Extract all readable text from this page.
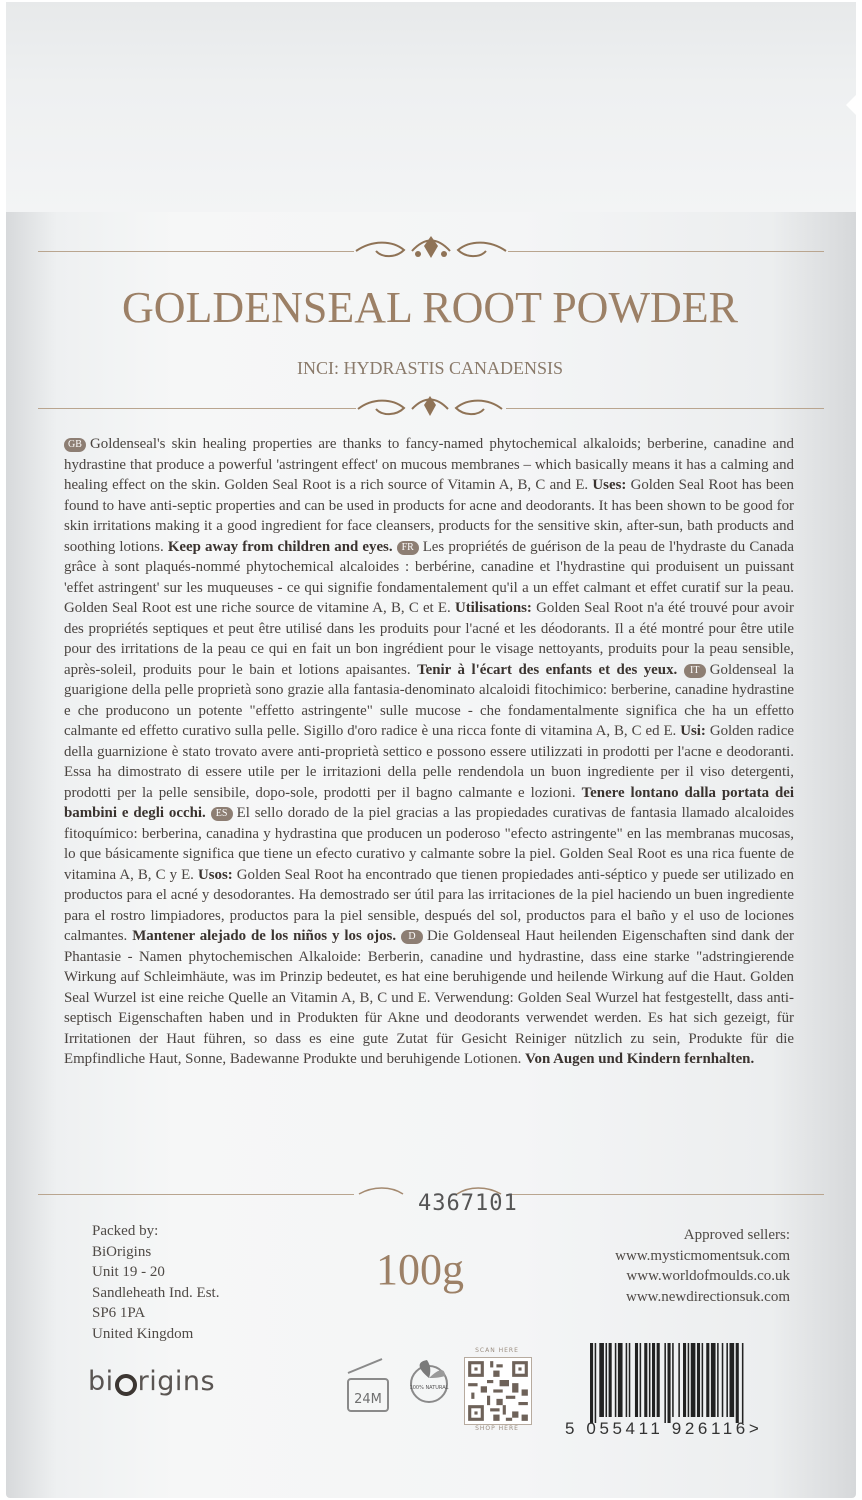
GOLDENSEAL ROOT POWDER
INCI: HYDRASTIS CANADENSIS
GB Goldenseal's skin healing properties are thanks to fancy-named phytochemical alkaloids; berberine, canadine and hydrastine that produce a powerful 'astringent effect' on mucous membranes – which basically means it has a calming and healing effect on the skin. Golden Seal Root is a rich source of Vitamin A, B, C and E. Uses: Golden Seal Root has been found to have anti-septic properties and can be used in products for acne and deodorants. It has been shown to be good for skin irritations making it a good ingredient for face cleansers, products for the sensitive skin, after-sun, bath products and soothing lotions. Keep away from children and eyes. FR Les propriétés de guérison de la peau de l'hydraste du Canada grâce à sont plaqués-nommé phytochemical alcaloides : berbérine, canadine et l'hydrastine qui produisent un puissant 'effet astringent' sur les muqueuses - ce qui signifie fondamentalement qu'il a un effet calmant et effet curatif sur la peau. Golden Seal Root est une riche source de vitamine A, B, C et E. Utilisations: Golden Seal Root n'a été trouvé pour avoir des propriétés septiques et peut être utilisé dans les produits pour l'acné et les déodorants. Il a été montré pour être utile pour des irritations de la peau ce qui en fait un bon ingrédient pour le visage nettoyants, produits pour la peau sensible, après-soleil, produits pour le bain et lotions apaisantes. Tenir à l'écart des enfants et des yeux. IT Goldenseal la guarigione della pelle proprietà sono grazie alla fantasia-denominato alcaloidi fitochimico: berberine, canadine hydrastine e che producono un potente "effetto astringente" sulle mucose - che fondamentalmente significa che ha un effetto calmante ed effetto curativo sulla pelle. Sigillo d'oro radice è una ricca fonte di vitamina A, B, C ed E. Usi: Golden radice della guarnizione è stato trovato avere anti-proprietà settico e possono essere utilizzati in prodotti per l'acne e deodoranti. Essa ha dimostrato di essere utile per le irritazioni della pelle rendendola un buon ingrediente per il viso detergenti, prodotti per la pelle sensibile, dopo-sole, prodotti per il bagno calmante e lozioni. Tenere lontano dalla portata dei bambini e degli occhi. ES El sello dorado de la piel gracias a las propiedades curativas de fantasia llamado alcaloides fitoquímico: berberina, canadina y hydrastina que producen un poderoso "efecto astringente" en las membranas mucosas, lo que básicamente significa que tiene un efecto curativo y calmante sobre la piel. Golden Seal Root es una rica fuente de vitamina A, B, C y E. Usos: Golden Seal Root ha encontrado que tienen propiedades anti-séptico y puede ser utilizado en productos para el acné y desodorantes. Ha demostrado ser útil para las irritaciones de la piel haciendo un buen ingrediente para el rostro limpiadores, productos para la piel sensible, después del sol, productos para el baño y el uso de lociones calmantes. Mantener alejado de los niños y los ojos. D Die Goldenseal Haut heilenden Eigenschaften sind dank der Phantasie - Namen phytochemischen Alkaloide: Berberin, canadine und hydrastine, dass eine starke "adstringierende Wirkung auf Schleimhäute, was im Prinzip bedeutet, es hat eine beruhigende und heilende Wirkung auf die Haut. Golden Seal Wurzel ist eine reiche Quelle an Vitamin A, B, C und E. Verwendung: Golden Seal Wurzel hat festgestellt, dass anti-septisch Eigenschaften haben und in Produkten für Akne und deodorants verwendet werden. Es hat sich gezeigt, für Irritationen der Haut führen, so dass es eine gute Zutat für Gesicht Reiniger nützlich zu sein, Produkte für die Empfindliche Haut, Sonne, Badewanne Produkte und beruhigende Lotionen. Von Augen und Kindern fernhalten.
4367101
Packed by:
BiOrigins
Unit 19 - 20
Sandleheath Ind. Est.
SP6 1PA
United Kingdom
100g
Approved sellers:
www.mysticmomentsuk.com
www.worldofmoulds.co.uk
www.newdirectionsuk.com
bi rigins
24M
100% NATURAL
SCAN HERE
SHOP HERE	5 055411 926116>
